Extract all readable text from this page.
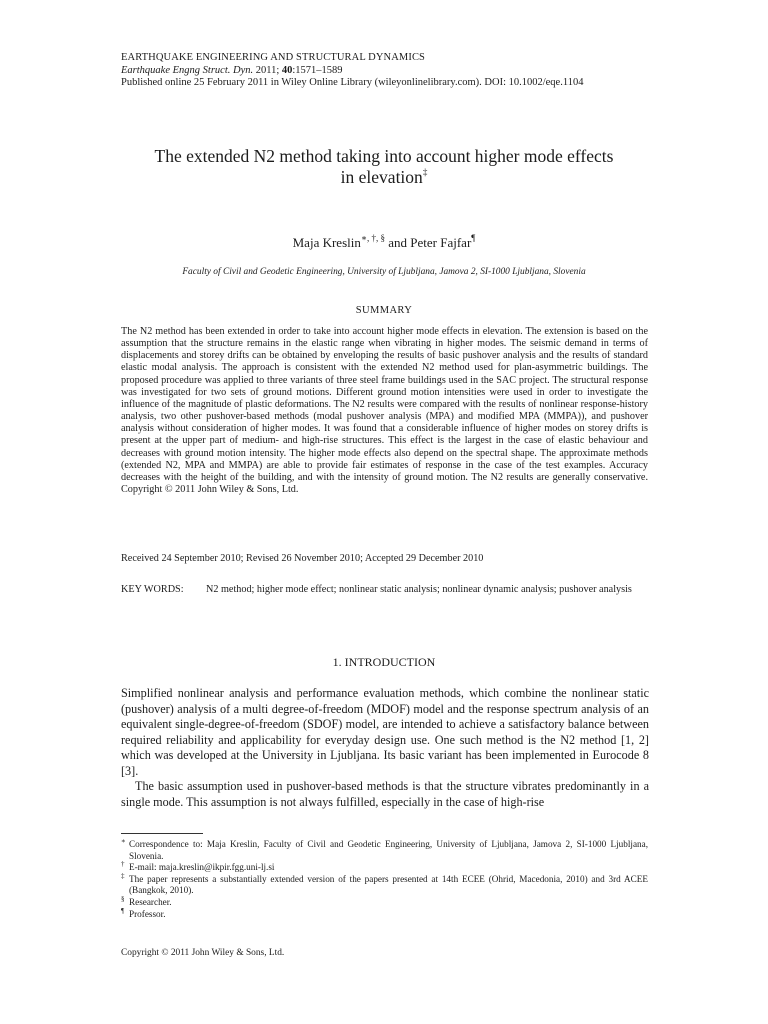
EARTHQUAKE ENGINEERING AND STRUCTURAL DYNAMICS
Earthquake Engng Struct. Dyn. 2011; 40:1571–1589
Published online 25 February 2011 in Wiley Online Library (wileyonlinelibrary.com). DOI: 10.1002/eqe.1104
The extended N2 method taking into account higher mode effects
in elevation‡
Maja Kreslin∗, †, § and Peter Fajfar¶
Faculty of Civil and Geodetic Engineering, University of Ljubljana, Jamova 2, SI-1000 Ljubljana, Slovenia
SUMMARY
The N2 method has been extended in order to take into account higher mode effects in elevation. The extension is based on the assumption that the structure remains in the elastic range when vibrating in higher modes. The seismic demand in terms of displacements and storey drifts can be obtained by enveloping the results of basic pushover analysis and the results of standard elastic modal analysis. The approach is consistent with the extended N2 method used for plan-asymmetric buildings. The proposed procedure was applied to three variants of three steel frame buildings used in the SAC project. The structural response was investigated for two sets of ground motions. Different ground motion intensities were used in order to investigate the influence of the magnitude of plastic deformations. The N2 results were compared with the results of nonlinear response-history analysis, two other pushover-based methods (modal pushover analysis (MPA) and modified MPA (MMPA)), and pushover analysis without consideration of higher modes. It was found that a considerable influence of higher modes on storey drifts is present at the upper part of medium- and high-rise structures. This effect is the largest in the case of elastic behaviour and decreases with ground motion intensity. The higher mode effects also depend on the spectral shape. The approximate methods (extended N2, MPA and MMPA) are able to provide fair estimates of response in the case of the test examples. Accuracy decreases with the height of the building, and with the intensity of ground motion. The N2 results are generally conservative. Copyright © 2011 John Wiley & Sons, Ltd.
Received 24 September 2010; Revised 26 November 2010; Accepted 29 December 2010
KEY WORDS: N2 method; higher mode effect; nonlinear static analysis; nonlinear dynamic analysis; pushover analysis
1. INTRODUCTION

Simplified nonlinear analysis and performance evaluation methods, which combine the nonlinear static (pushover) analysis of a multi degree-of-freedom (MDOF) model and the response spectrum analysis of an equivalent single-degree-of-freedom (SDOF) model, are intended to achieve a satisfactory balance between required reliability and applicability for everyday design use. One such method is the N2 method [1, 2] which was developed at the University in Ljubljana. Its basic variant has been implemented in Eurocode 8 [3].

The basic assumption used in pushover-based methods is that the structure vibrates predominantly in a single mode. This assumption is not always fulfilled, especially in the case of high-rise

∗ Correspondence to: Maja Kreslin, Faculty of Civil and Geodetic Engineering, University of Ljubljana, Jamova 2, SI-1000 Ljubljana, Slovenia.
† E-mail: maja.kreslin@ikpir.fgg.uni-lj.si
‡ The paper represents a substantially extended version of the papers presented at 14th ECEE (Ohrid, Macedonia, 2010) and 3rd ACEE (Bangkok, 2010).
§ Researcher.
¶ Professor.
Copyright © 2011 John Wiley & Sons, Ltd.
